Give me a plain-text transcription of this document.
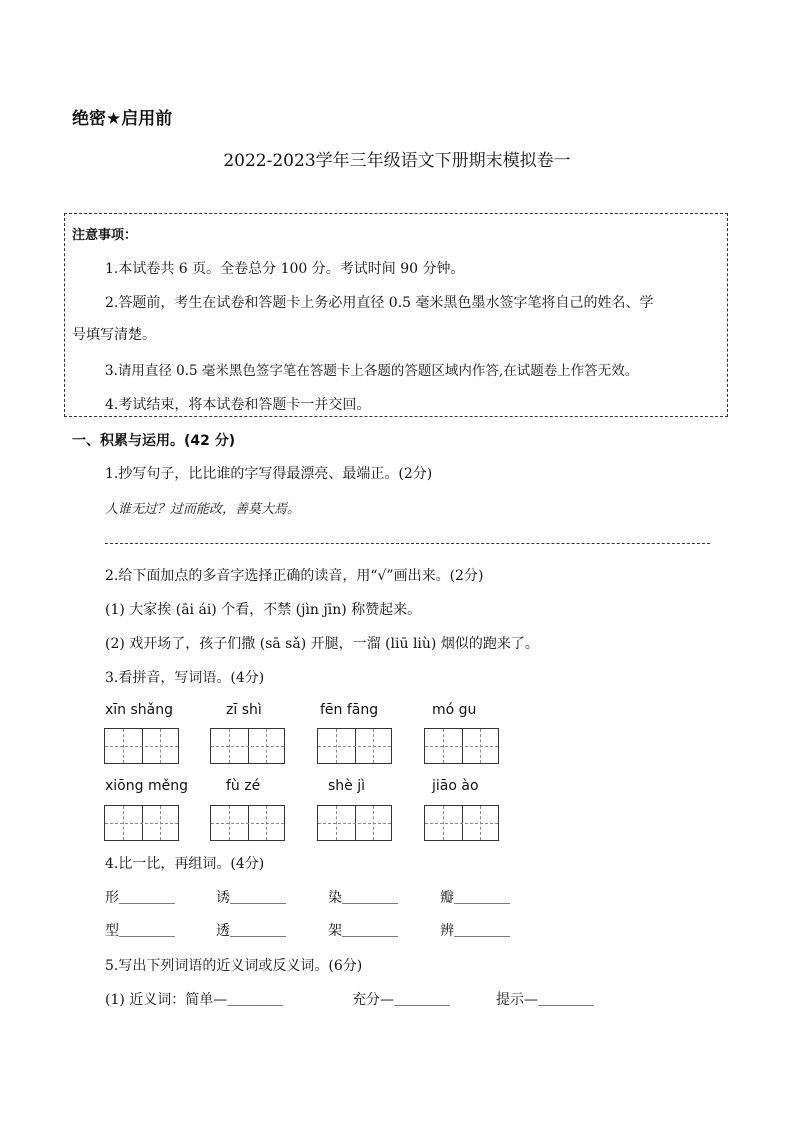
绝密★启用前
2022-2023学年三年级语文下册期末模拟卷一
注意事项：
1.本试卷共 6 页。全卷总分 100 分。考试时间 90 分钟。
2.答题前，考生在试卷和答题卡上务必用直径 0.5 毫米黑色墨水签字笔将自己的姓名、学
号填写清楚。
3.请用直径 0.5 毫米黑色签字笔在答题卡上各题的答题区域内作答,在试题卷上作答无效。
4.考试结束，将本试卷和答题卡一并交回。
一、积累与运用。(42 分)
1.抄写句子，比比谁的字写得最漂亮、最端正。(2分)
人谁无过？过而能改，善莫大焉。
2.给下面加点的多音字选择正确的读音，用“√”画出来。(2分)
(1) 大家挨 (āi ái) 个看，不禁 (jìn jīn) 称赞起来。
(2) 戏开场了，孩子们撒 (sā sǎ) 开腿，一溜 (liū liù) 烟似的跑来了。
3.看拼音，写词语。(4分)
xīn shǎng	zī shì	fēn fāng	mó gu
xiōng měng	fù zé	shè jì	jiāo ào
4.比一比，再组词。(4分)
形＿＿＿＿	诱＿＿＿＿	染＿＿＿＿	瓣＿＿＿＿
型＿＿＿＿	透＿＿＿＿	架＿＿＿＿	辨＿＿＿＿
5.写出下列词语的近义词或反义词。(6分)
(1) 近义词：简单—＿＿＿＿	充分—＿＿＿＿	提示—＿＿＿＿
